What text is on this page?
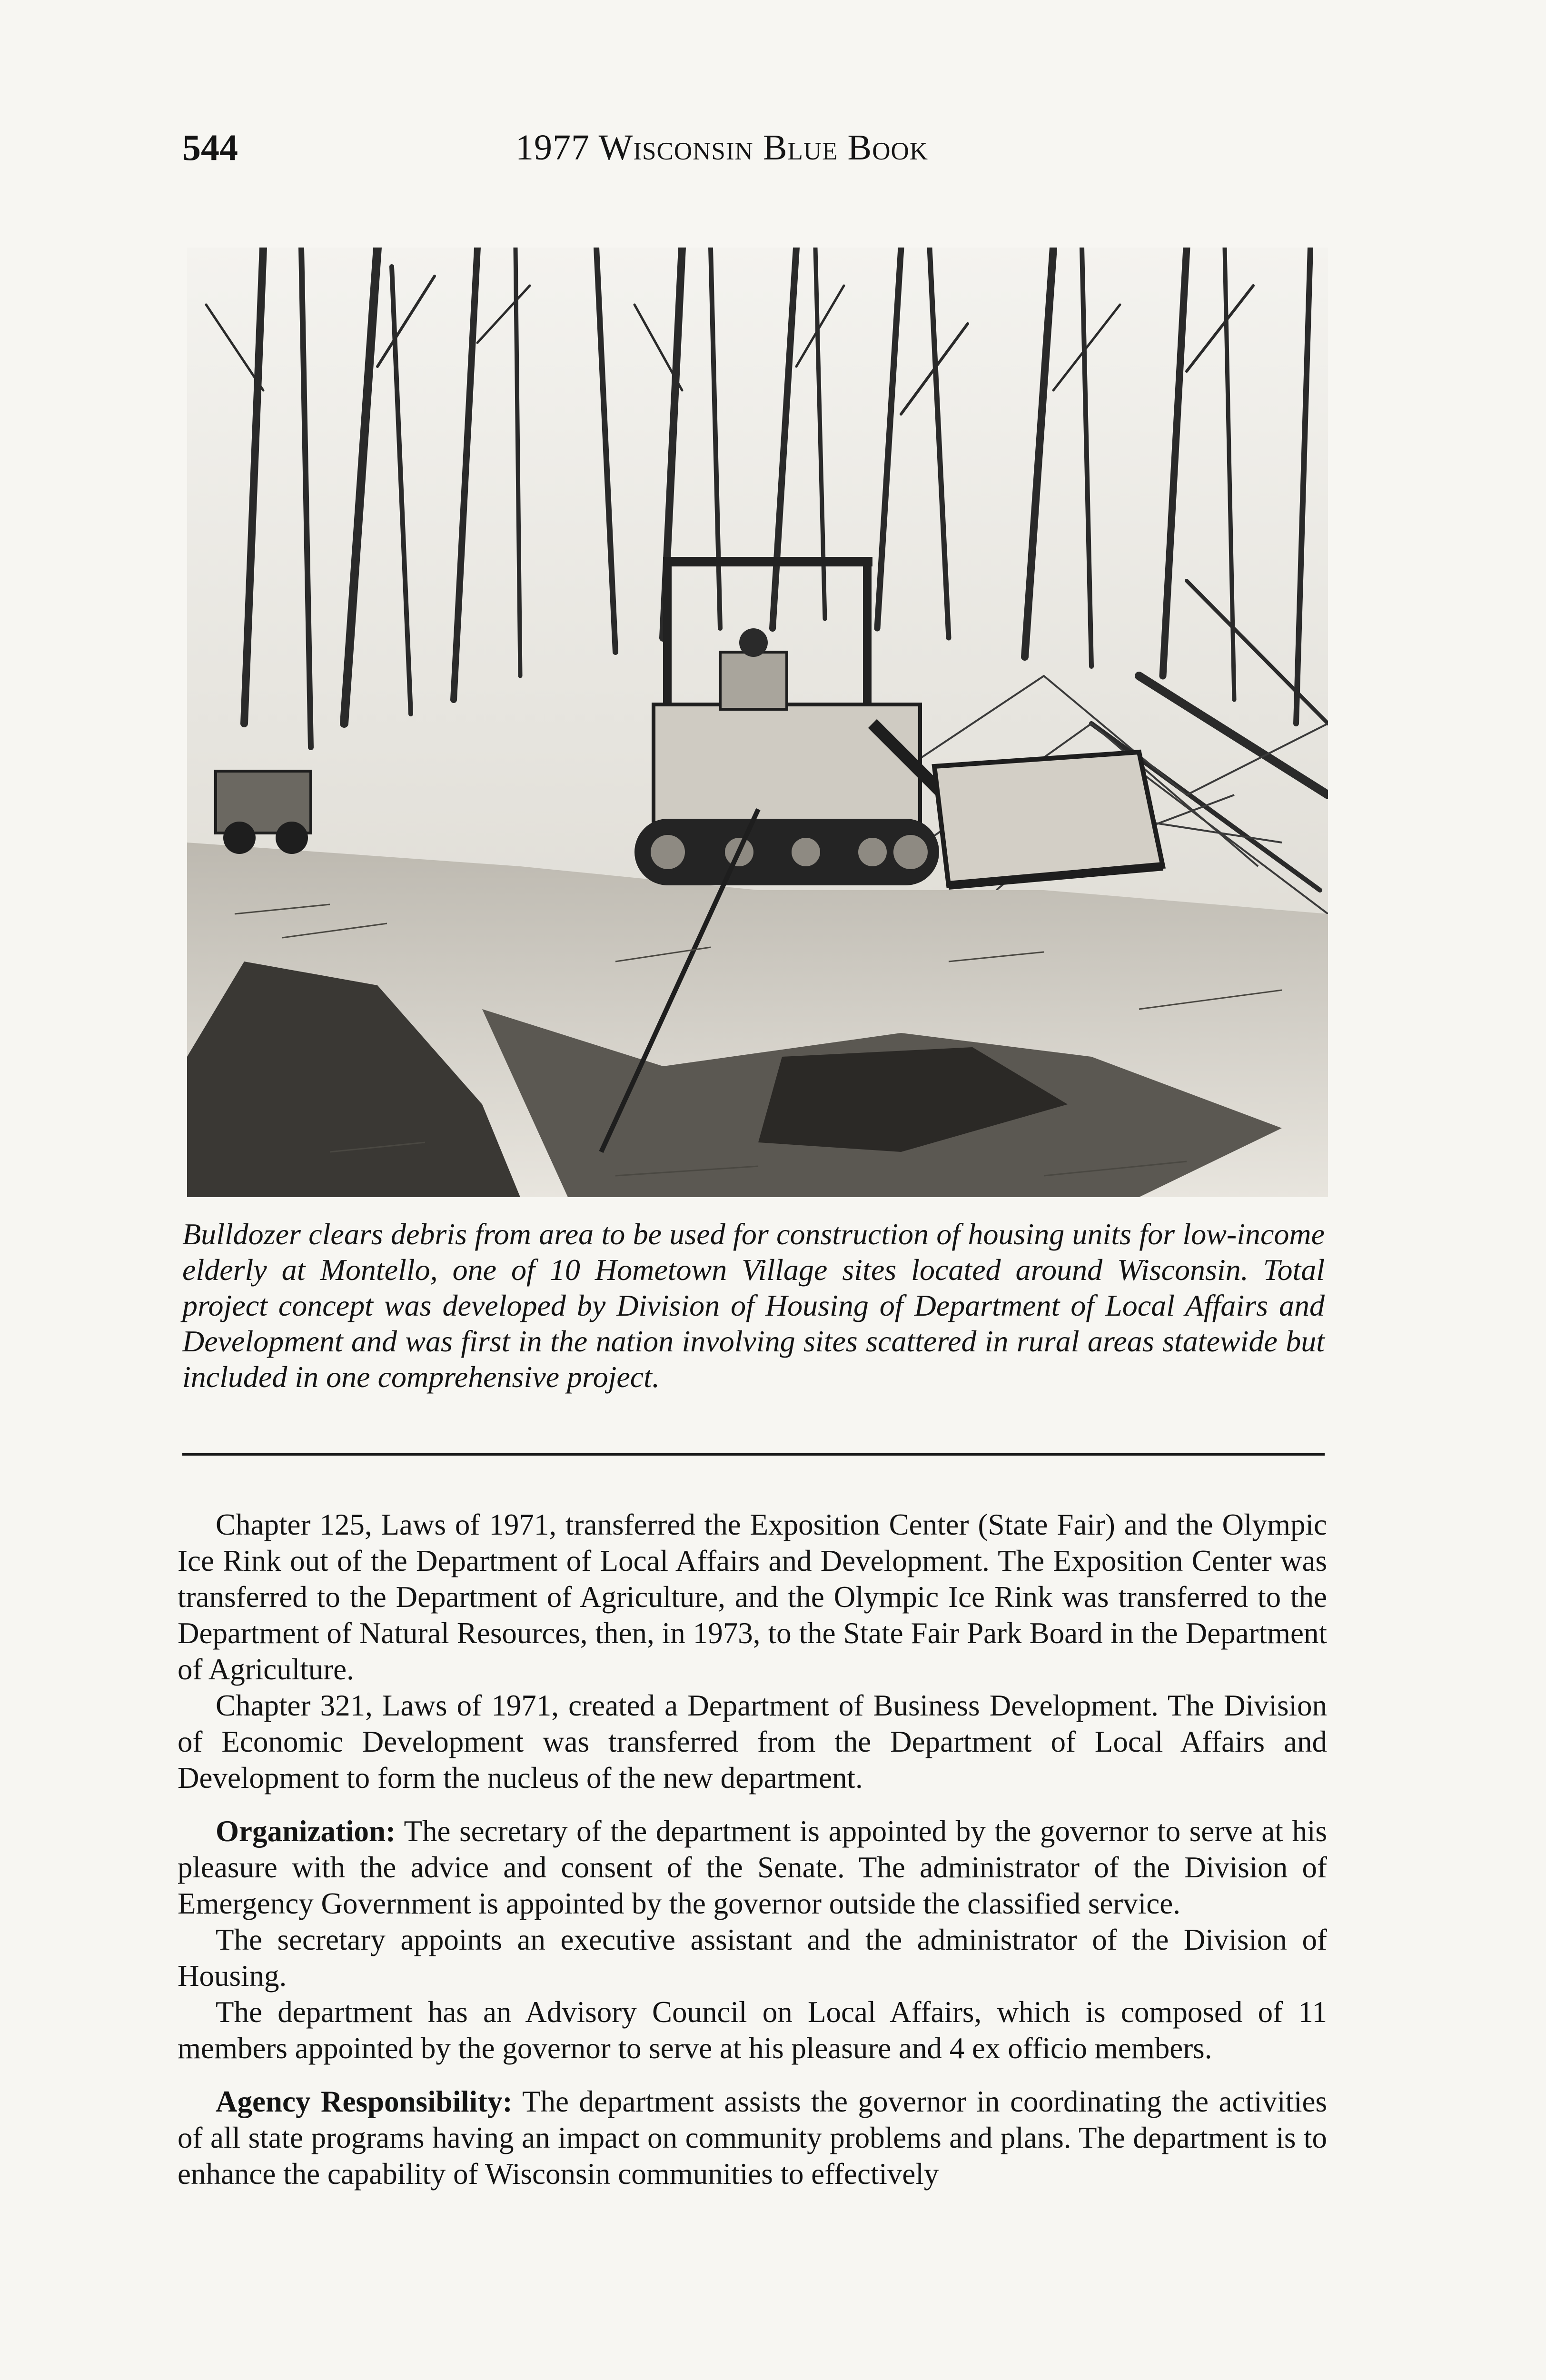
544	1977 Wisconsin Blue Book

Bulldozer clears debris from area to be used for construction of housing units for low-income elderly at Montello, one of 10 Hometown Village sites located around Wisconsin. Total project concept was developed by Division of Housing of Department of Local Affairs and Development and was first in the nation involving sites scattered in rural areas statewide but included in one comprehensive project.

Chapter 125, Laws of 1971, transferred the Exposition Center (State Fair) and the Olympic Ice Rink out of the Department of Local Affairs and Development. The Exposition Center was transferred to the Department of Agriculture, and the Olympic Ice Rink was transferred to the Department of Natural Resources, then, in 1973, to the State Fair Park Board in the Department of Agriculture.

Chapter 321, Laws of 1971, created a Department of Business Development. The Division of Economic Development was transferred from the Department of Local Affairs and Development to form the nucleus of the new department.

Organization: The secretary of the department is appointed by the governor to serve at his pleasure with the advice and consent of the Senate. The administrator of the Division of Emergency Government is appointed by the governor outside the classified service.

The secretary appoints an executive assistant and the administrator of the Division of Housing.

The department has an Advisory Council on Local Affairs, which is composed of 11 members appointed by the governor to serve at his pleasure and 4 ex officio members.

Agency Responsibility: The department assists the governor in coordinating the activities of all state programs having an impact on community problems and plans. The department is to enhance the capability of Wisconsin communities to effectively
